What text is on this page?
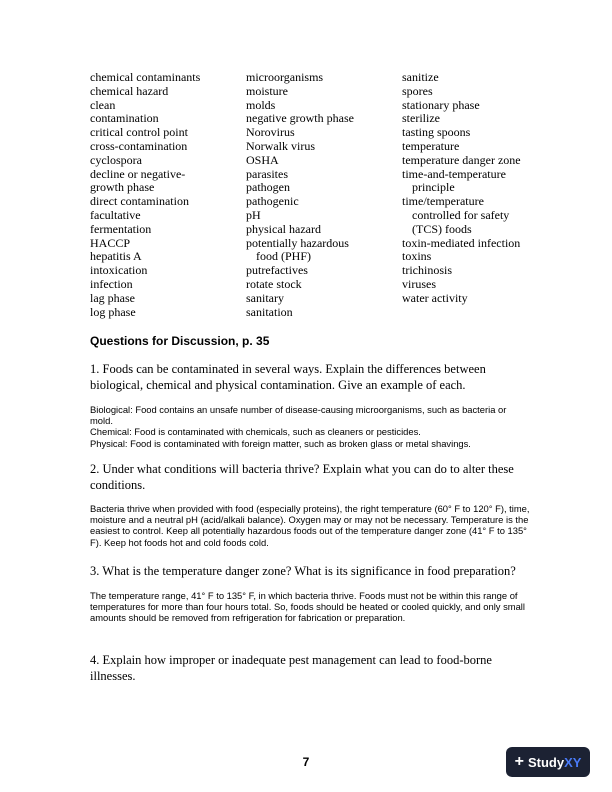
chemical contaminants
chemical hazard
clean
contamination
critical control point
cross-contamination
cyclospora
decline or negative-
growth phase
direct contamination
facultative
fermentation
HACCP
hepatitis A
intoxication
infection
lag phase
log phase
microorganisms
moisture
molds
negative growth phase
Norovirus
Norwalk virus
OSHA
parasites
pathogen
pathogenic
pH
physical hazard
potentially hazardous
food (PHF)
putrefactives
rotate stock
sanitary
sanitation
sanitize
spores
stationary phase
sterilize
tasting spoons
temperature
temperature danger zone
time-and-temperature
principle
time/temperature
controlled for safety
(TCS) foods
toxin-mediated infection
toxins
trichinosis
viruses
water activity
Questions for Discussion, p. 35

1. Foods can be contaminated in several ways. Explain the differences between biological, chemical and physical contamination. Give an example of each.

Biological: Food contains an unsafe number of disease-causing microorganisms, such as bacteria or mold.
Chemical: Food is contaminated with chemicals, such as cleaners or pesticides.
Physical: Food is contaminated with foreign matter, such as broken glass or metal shavings.

2. Under what conditions will bacteria thrive? Explain what you can do to alter these conditions.

Bacteria thrive when provided with food (especially proteins), the right temperature (60° F to 120° F), time, moisture and a neutral pH (acid/alkali balance). Oxygen may or may not be necessary. Temperature is the easiest to control. Keep all potentially hazardous foods out of the temperature danger zone (41° F to 135° F). Keep hot foods hot and cold foods cold.

3. What is the temperature danger zone? What is its significance in food preparation?

The temperature range, 41° F to 135° F, in which bacteria thrive. Foods must not be within this range of temperatures for more than four hours total. So, foods should be heated or cooled quickly, and only small amounts should be removed from refrigeration for fabrication or preparation.

4. Explain how improper or inadequate pest management can lead to food-borne illnesses.

7	+ StudyXY
